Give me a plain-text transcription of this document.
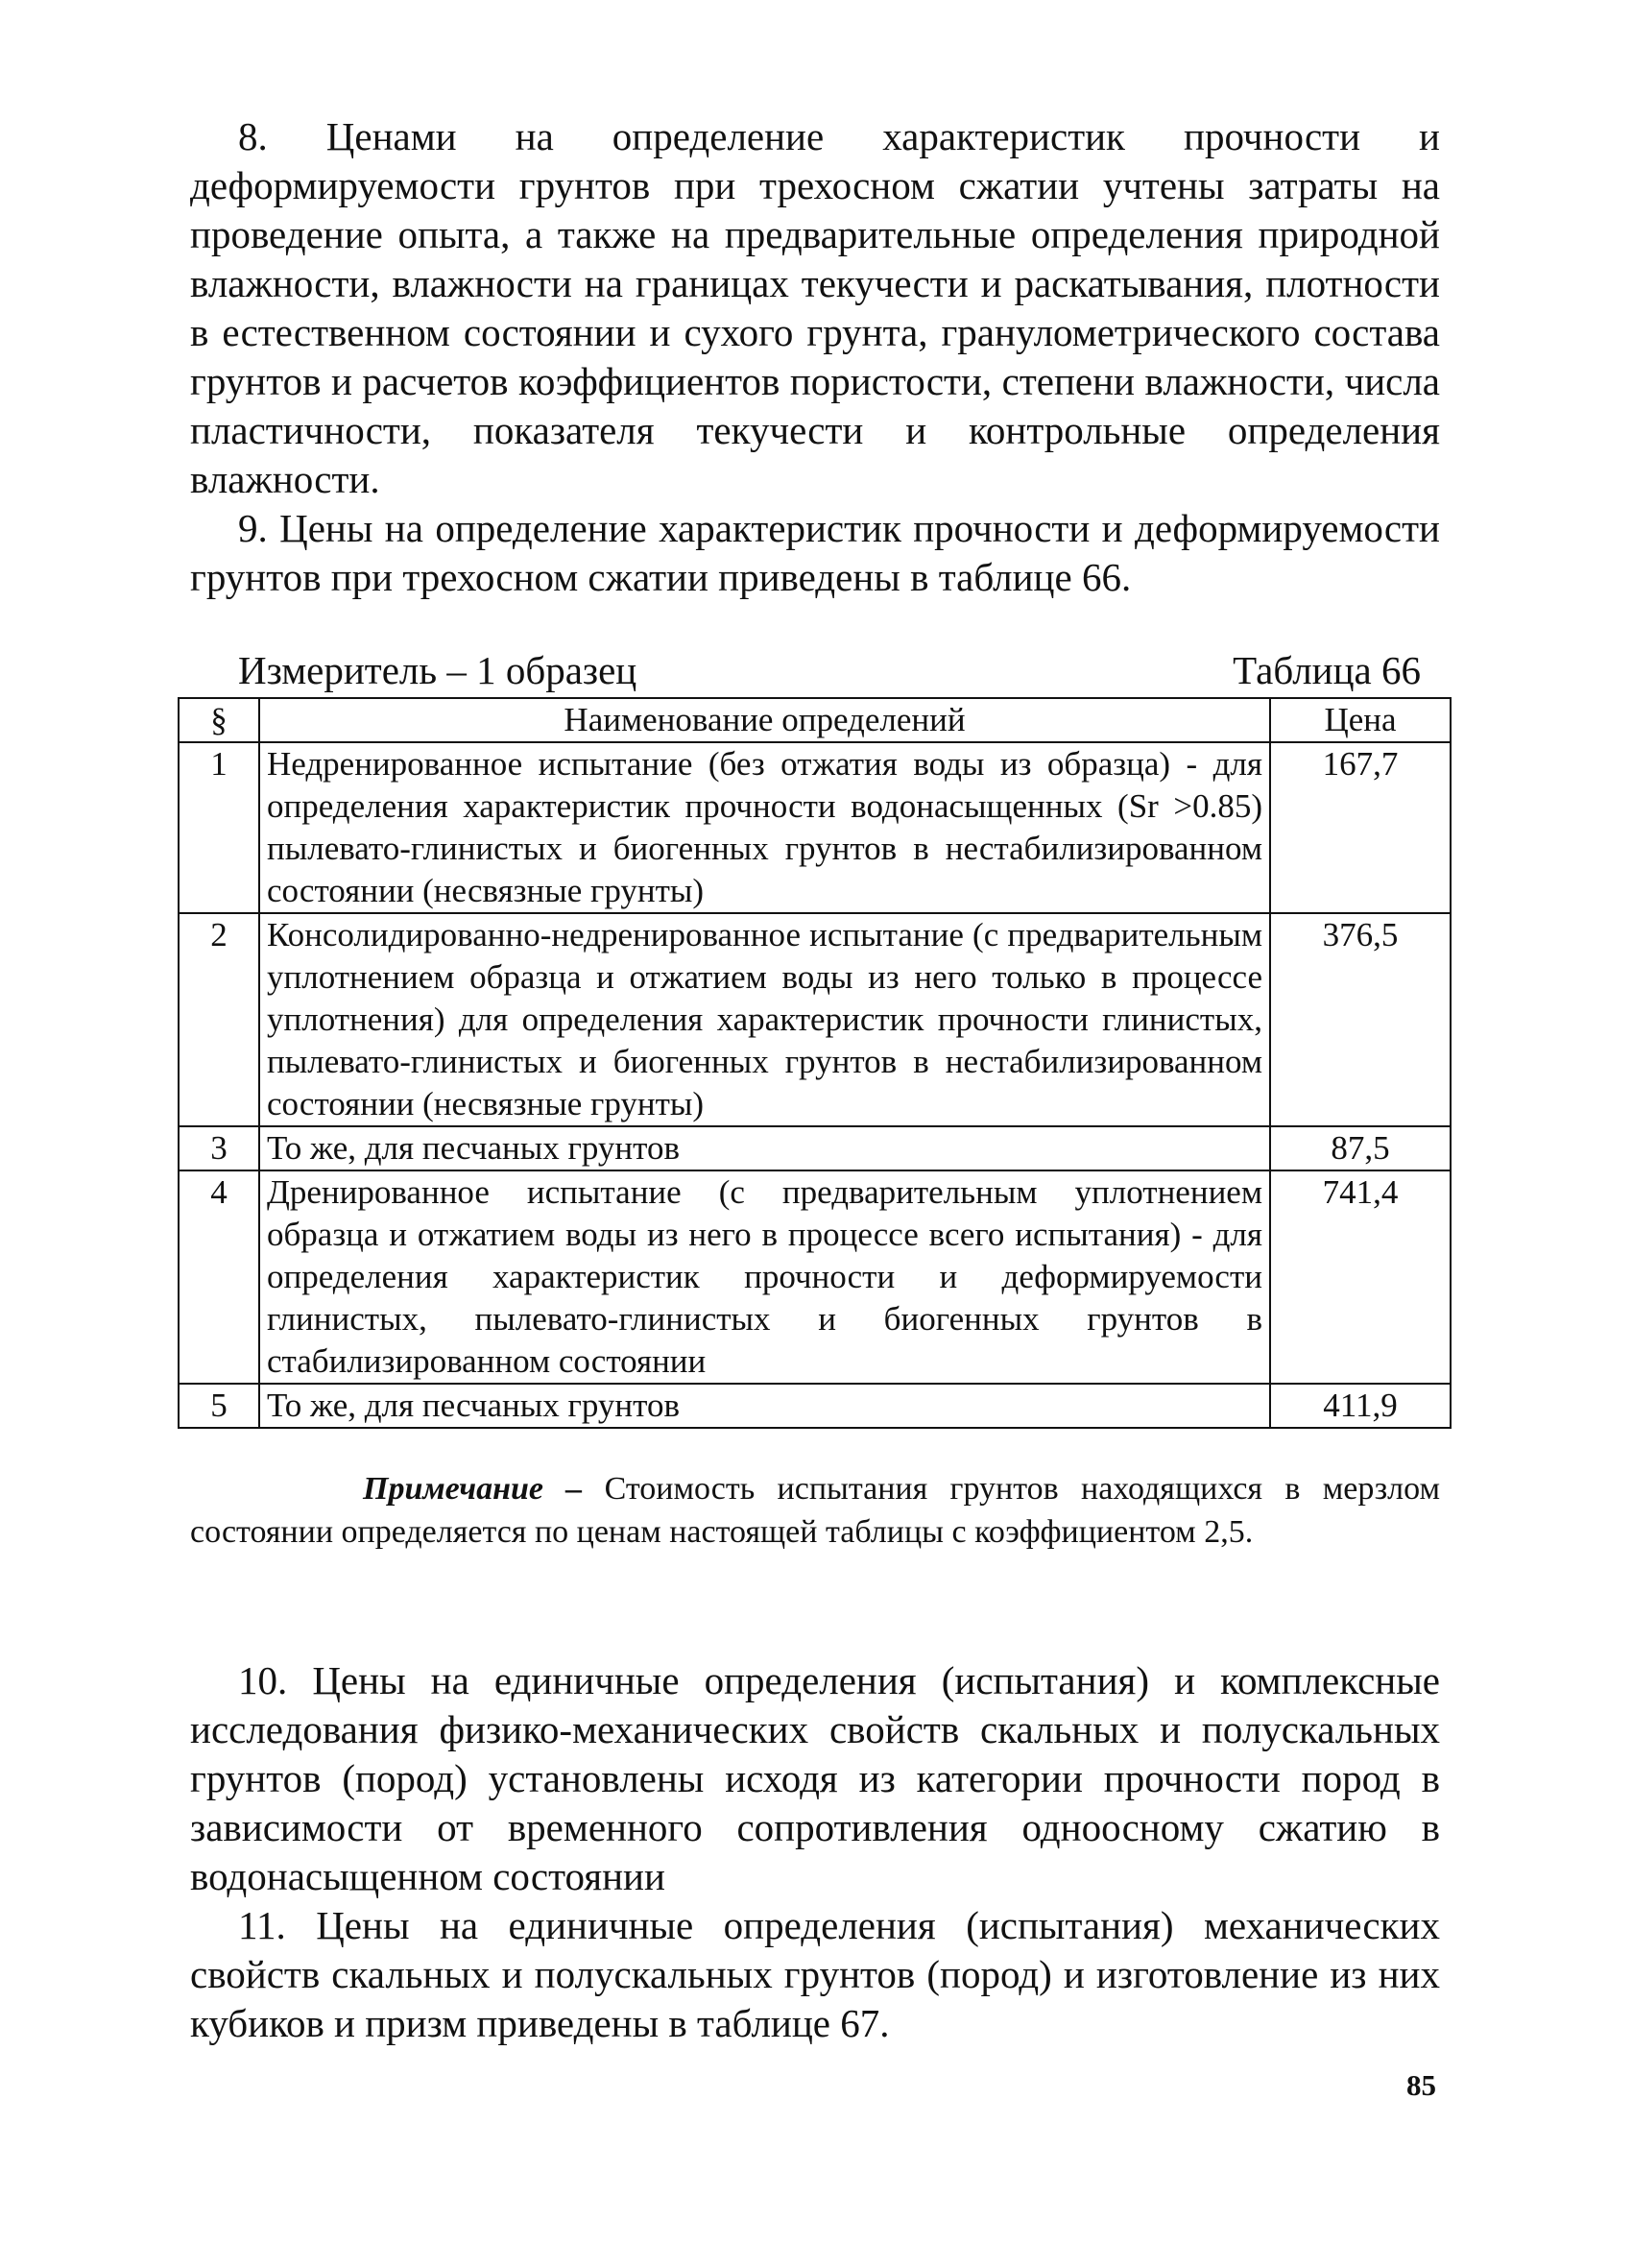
8. Ценами на определение характеристик прочности и деформируемости грунтов при трехосном сжатии учтены затраты на проведение опыта, а также на предварительные определения природной влажности, влажности на границах текучести и раскатывания, плотности в естественном состоянии и сухого грунта, гранулометрического состава грунтов и расчетов коэффициентов пористости, степени влажности, числа пластичности, показателя текучести и контрольные определения влажности.

9. Цены на определение характеристик прочности и деформируемости грунтов при трехосном сжатии приведены в таблице 66.

Измеритель – 1 образец	Таблица 66
§	Наименование определений	Цена
1	Недренированное испытание (без отжатия воды из образца) - для определения характеристик прочности водонасыщенных (Sr >0.85) пылевато-глинистых и биогенных грунтов в нестабилизированном состоянии (несвязные грунты)	167,7
2	Консолидированно-недренированное испытание (с предварительным уплотнением образца и отжатием воды из него только в процессе уплотнения) для определения характеристик прочности глинистых, пылевато-глинистых и биогенных грунтов в нестабилизированном состоянии (несвязные грунты)	376,5
3	То же, для песчаных грунтов	87,5
4	Дренированное испытание (с предварительным уплотнением образца и отжатием воды из него в процессе всего испытания) - для определения характеристик прочности и деформируемости глинистых, пылевато-глинистых и биогенных грунтов в стабилизированном состоянии	741,4
5	То же, для песчаных грунтов	411,9

Примечание – Стоимость испытания грунтов находящихся в мерзлом состоянии определяется по ценам настоящей таблицы с коэффициентом 2,5.

10. Цены на единичные определения (испытания) и комплексные исследования физико-механических свойств скальных и полускальных грунтов (пород) установлены исходя из категории прочности пород в зависимости от временного сопротивления одноосному сжатию в водонасыщенном состоянии

11. Цены на единичные определения (испытания) механических свойств скальных и полускальных грунтов (пород) и изготовление из них кубиков и призм приведены в таблице 67.

85
